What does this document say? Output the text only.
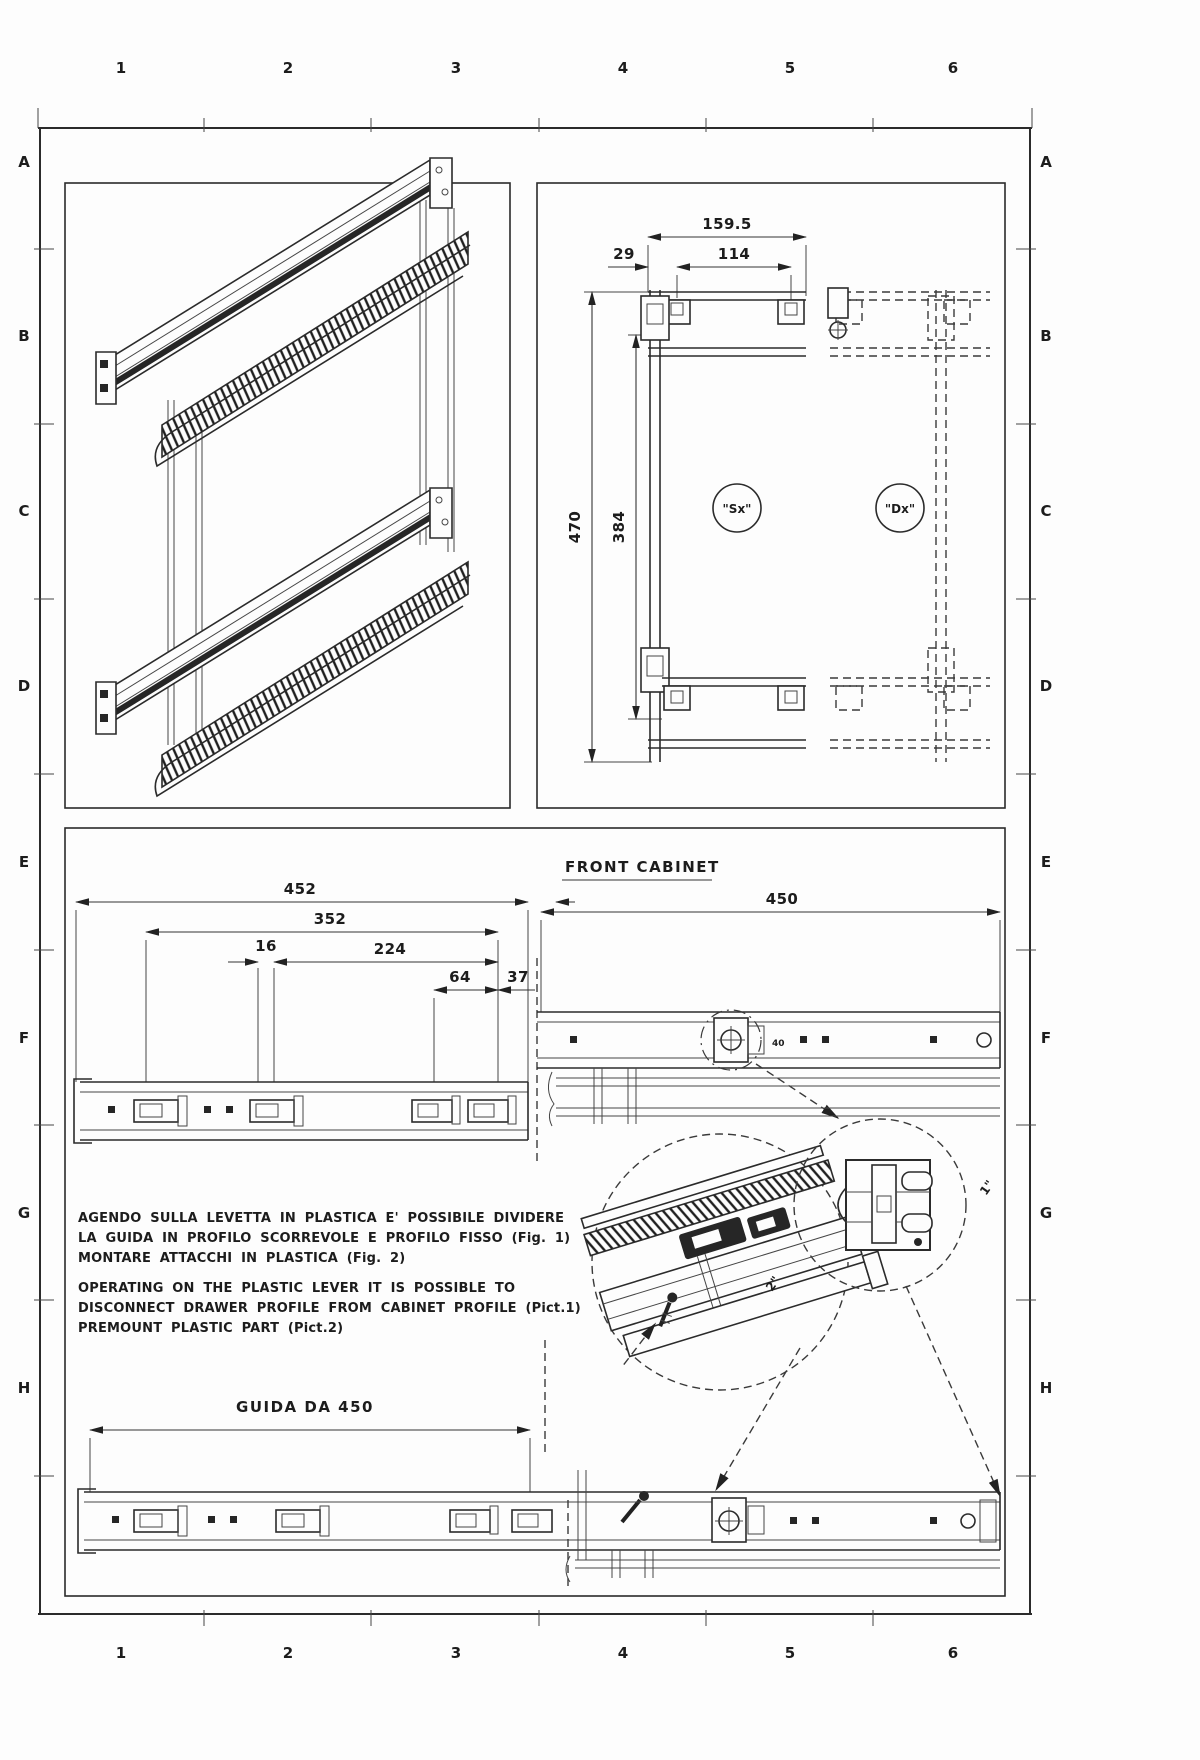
1	2	3	4	5	6
1	2	3	4	5	6
A
B
C
D
E
F
G
H
A
B
C
D
E
F
G
H
159.5
29	114
470 384
"Sx"	"Dx"
452
352
16	224
64 37
FRONT CABINET
450
40
AGENDO SULLA LEVETTA IN PLASTICA E' POSSIBILE DIVIDERE
LA GUIDA IN PROFILO SCORREVOLE E PROFILO FISSO (Fig. 1)
MONTARE ATTACCHI IN PLASTICA (Fig. 2)
OPERATING ON THE PLASTIC LEVER IT IS POSSIBLE TO
DISCONNECT DRAWER PROFILE FROM CABINET PROFILE (Pict.1)
PREMOUNT PLASTIC PART (Pict.2)
1"
2"
GUIDA DA 450
